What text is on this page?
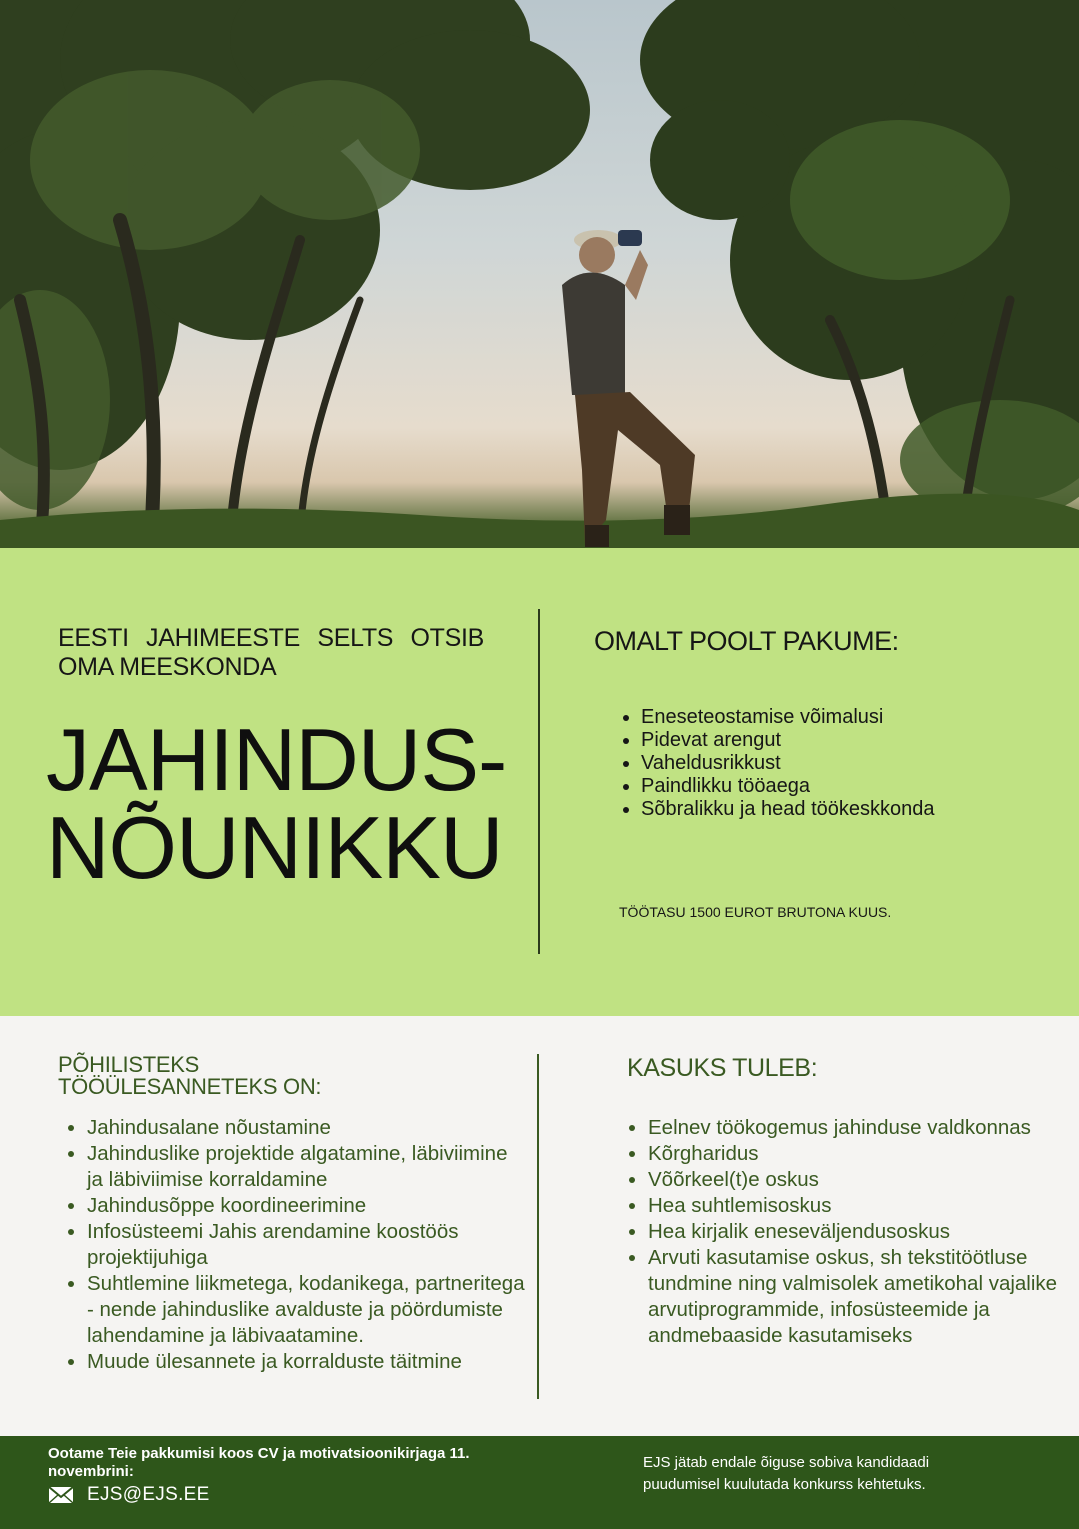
EESTI JAHIMEESTE SELTS OTSIB OMA MEESKONDA
JAHINDUS-
NÕUNIKKU
OMALT POOLT PAKUME:
• Eneseteostamise võimalusi
• Pidevat arengut
• Vaheldusrikkust
• Paindlikku tööaega
• Sõbralikku ja head töökeskkonda
TÖÖTASU 1500 EUROT BRUTONA KUUS.
PÕHILISTEKS TÖÖÜLESANNETEKS ON:
• Jahindusalane nõustamine
• Jahinduslike projektide algatamine, läbiviimine ja läbiviimise korraldamine
• Jahindusõppe koordineerimine
• Infosüsteemi Jahis arendamine koostöös projektijuhiga
• Suhtlemine liikmetega, kodanikega, partneritega - nende jahinduslike avalduste ja pöördumiste lahendamine ja läbivaatamine.
• Muude ülesannete ja korralduste täitmine
KASUKS TULEB:
• Eelnev töökogemus jahinduse valdkonnas
• Kõrgharidus
• Võõrkeel(t)e oskus
• Hea suhtlemisoskus
• Hea kirjalik eneseväljendusoskus
• Arvuti kasutamise oskus, sh tekstitöötluse tundmine ning valmisolek ametikohal vajalike arvutiprogrammide, infosüsteemide ja andmebaaside kasutamiseks
Ootame Teie pakkumisi koos CV ja motivatsioonikirjaga 11. novembrini:
EJS@EJS.EE
EJS jätab endale õiguse sobiva kandidaadi puudumisel kuulutada konkurss kehtetuks.
